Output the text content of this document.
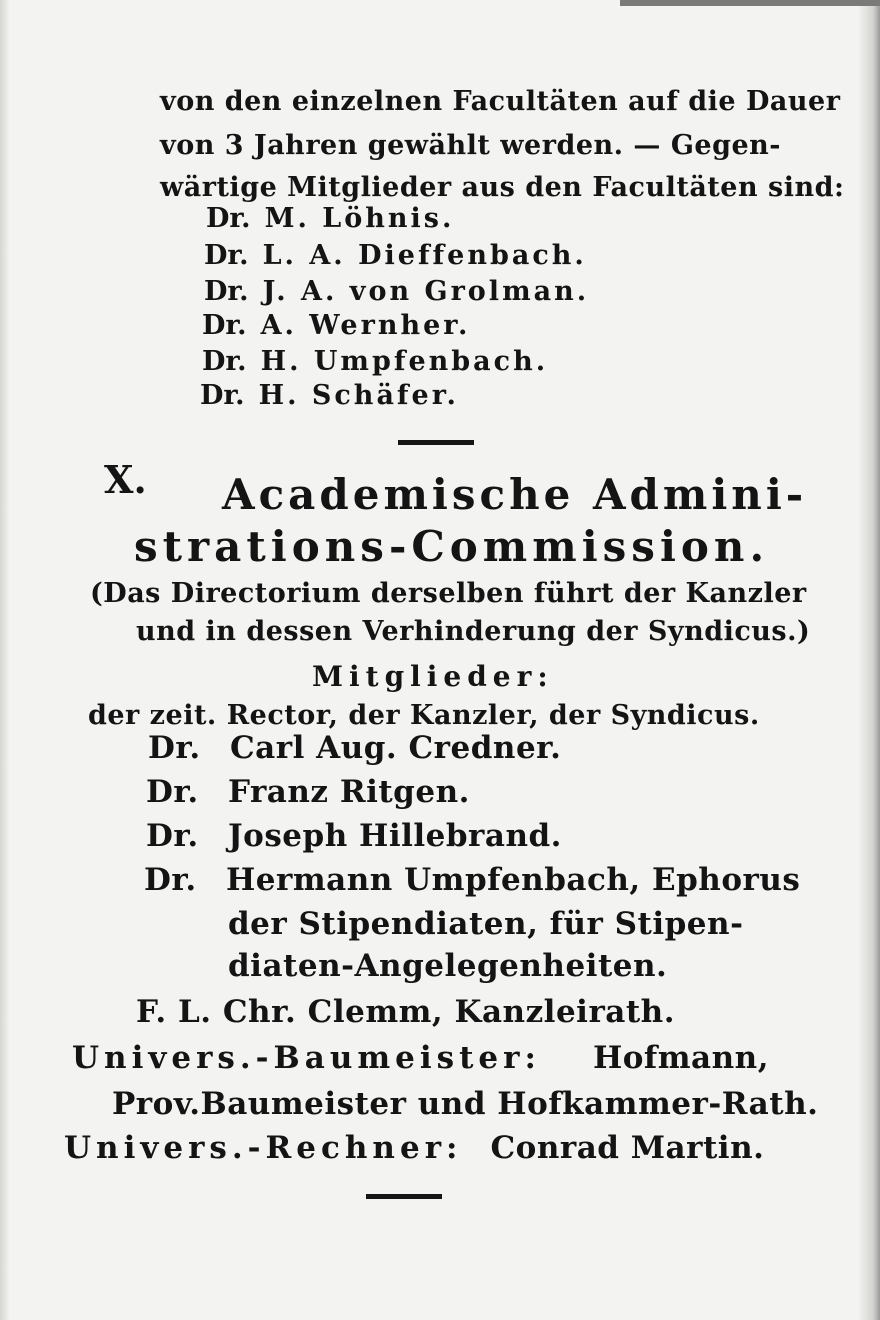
von den einzelnen Facultäten auf die Dauer
von 3 Jahren gewählt werden. — Gegen-
wärtige Mitglieder aus den Facultäten sind:
Dr. M. Löhnis.
Dr. L. A. Dieffenbach.
Dr. J. A. von Grolman.
Dr. A. Wernher.
Dr. H. Umpfenbach.
Dr. H. Schäfer.
X. Academische Admini-
strations-Commission.
(Das Directorium derselben führt der Kanzler
und in dessen Verhinderung der Syndicus.)
Mitglieder:
der zeit. Rector, der Kanzler, der Syndicus.
Dr. Carl Aug. Credner.
Dr. Franz Ritgen.
Dr. Joseph Hillebrand.
Dr. Hermann Umpfenbach, Ephorus
der Stipendiaten, für Stipen-
diaten-Angelegenheiten.
F. L. Chr. Clemm, Kanzleirath.
Univers.-Baumeister: Hofmann,
Prov.Baumeister und Hofkammer-Rath.
Univers.-Rechner: Conrad Martin.
